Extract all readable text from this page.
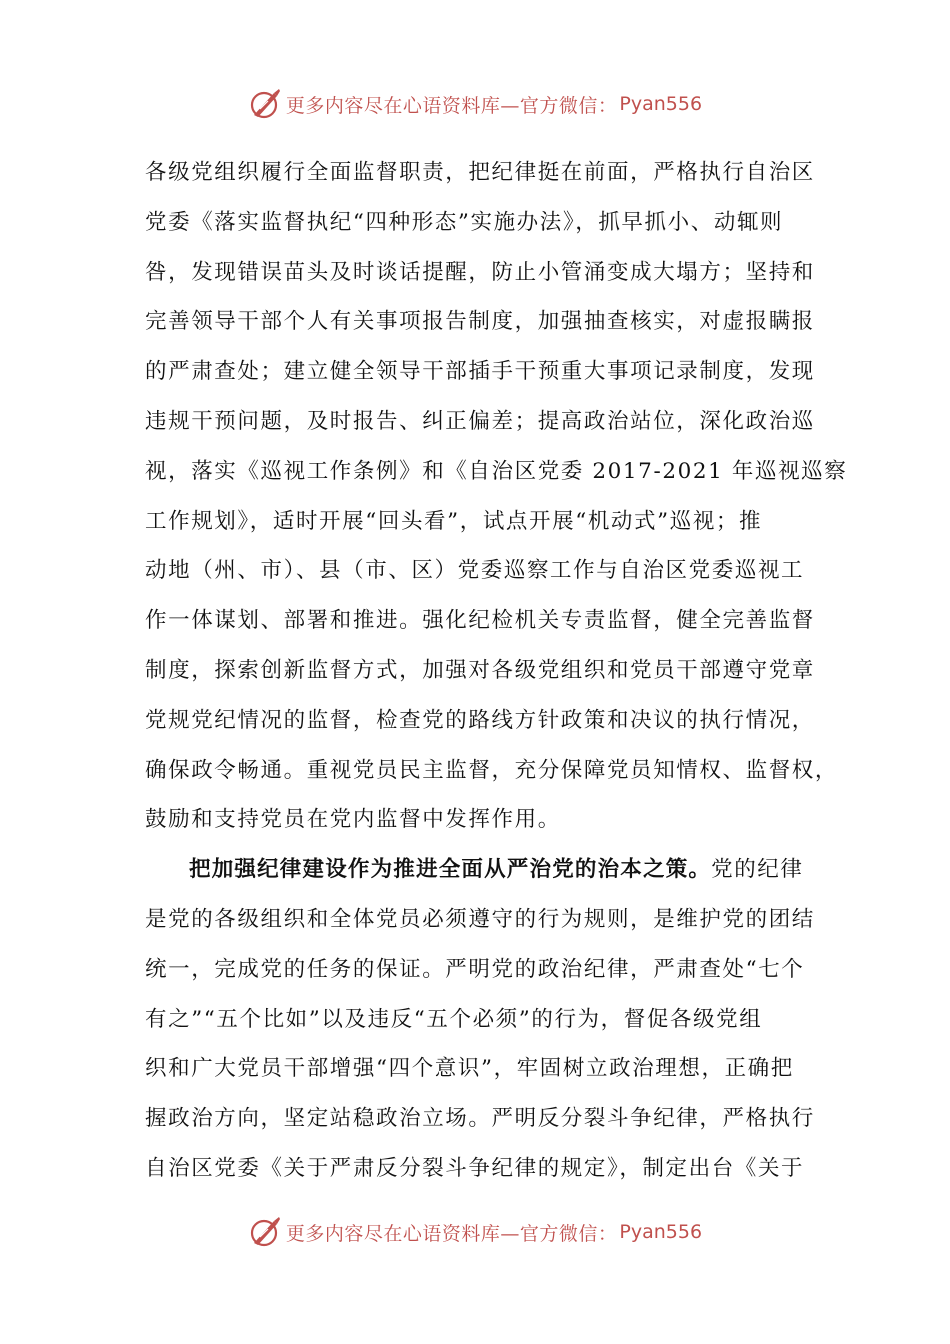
更多内容尽在心语资料库—官方微信： Pyan556
各级党组织履行全面监督职责，把纪律挺在前面，严格执行自治区
党委《落实监督执纪“四种形态”实施办法》，抓早抓小、动辄则
咎，发现错误苗头及时谈话提醒，防止小管涌变成大塌方；坚持和
完善领导干部个人有关事项报告制度，加强抽查核实，对虚报瞒报
的严肃查处；建立健全领导干部插手干预重大事项记录制度，发现
违规干预问题，及时报告、纠正偏差；提高政治站位，深化政治巡
视，落实《巡视工作条例》和《自治区党委 2017-2021 年巡视巡察
工作规划》，适时开展“回头看”，试点开展“机动式”巡视；推
动地（州、市）、县（市、区）党委巡察工作与自治区党委巡视工
作一体谋划、部署和推进。强化纪检机关专责监督，健全完善监督
制度，探索创新监督方式，加强对各级党组织和党员干部遵守党章
党规党纪情况的监督，检查党的路线方针政策和决议的执行情况，
确保政令畅通。重视党员民主监督，充分保障党员知情权、监督权，
鼓励和支持党员在党内监督中发挥作用。
把加强纪律建设作为推进全面从严治党的治本之策。党的纪律
是党的各级组织和全体党员必须遵守的行为规则，是维护党的团结
统一，完成党的任务的保证。严明党的政治纪律，严肃查处“七个
有之”“五个比如”以及违反“五个必须”的行为，督促各级党组
织和广大党员干部增强“四个意识”，牢固树立政治理想，正确把
握政治方向，坚定站稳政治立场。严明反分裂斗争纪律，严格执行
自治区党委《关于严肃反分裂斗争纪律的规定》，制定出台《关于
更多内容尽在心语资料库—官方微信： Pyan556
